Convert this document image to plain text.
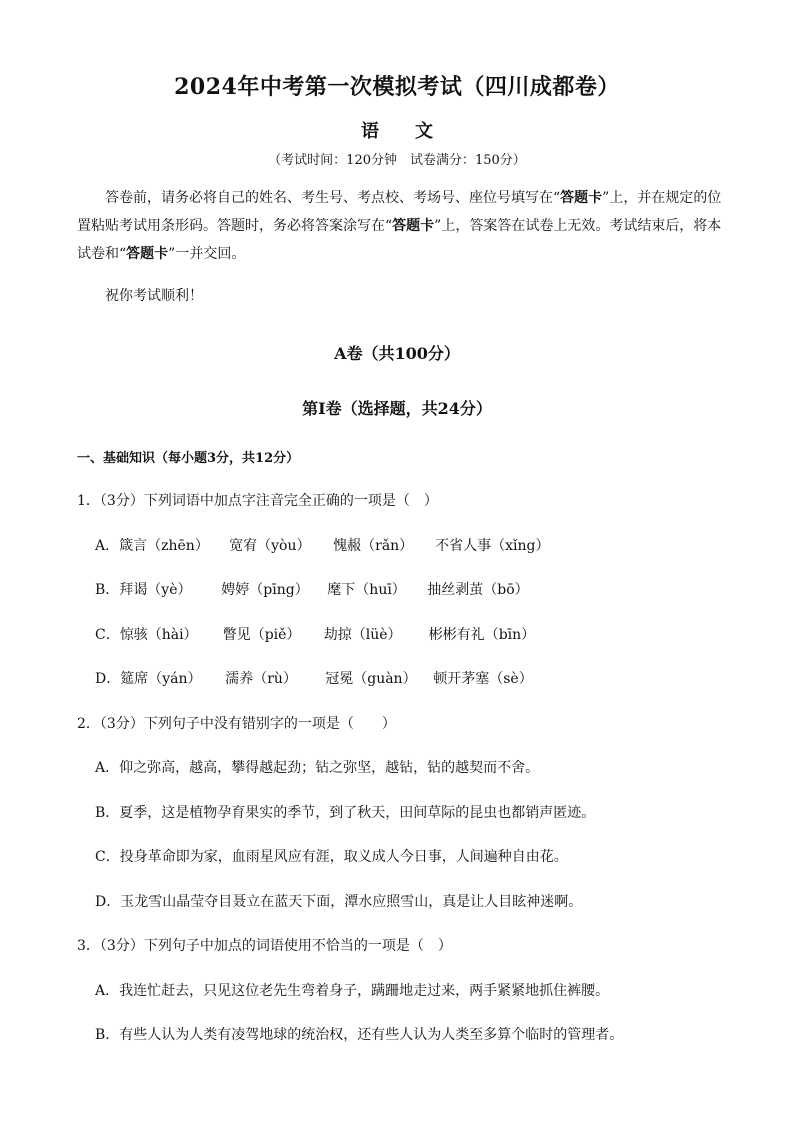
2024年中考第一次模拟考试（四川成都卷）
语　　文
（考试时间：120分钟　试卷满分：150分）
答卷前，请务必将自己的姓名、考生号、考点校、考场号、座位号填写在“答题卡”上，并在规定的位置粘贴考试用条形码。答题时，务必将答案涂写在“答题卡”上，答案答在试卷上无效。考试结束后，将本试卷和“答题卡”一并交回。
祝你考试顺利！
A卷（共100分）
第Ⅰ卷（选择题，共24分）
一、基础知识（每小题3分，共12分）
1．（3分）下列词语中加点字注音完全正确的一项是（　）
A．箴言（zhēn） 宽宥（yòu） 愧赧（rǎn） 不省人事（xǐng）
B．拜谒（yè） 娉婷（pīng） 麾下（huī） 抽丝剥茧（bō）
C．惊骇（hài） 瞥见（piě） 劫掠（lüè） 彬彬有礼（bīn）
D．筵席（yán） 濡养（rù） 冠冕（guàn） 顿开茅塞（sè）
2．（3分）下列句子中没有错别字的一项是（　　）
A．仰之弥高，越高，攀得越起劲；钻之弥坚，越钻，钻的越契而不舍。
B．夏季，这是植物孕育果实的季节，到了秋天，田间草际的昆虫也都销声匿迹。
C．投身革命即为家，血雨星风应有涯，取义成人今日事，人间遍种自由花。
D．玉龙雪山晶莹夺目聂立在蓝天下面，潭水应照雪山，真是让人目眩神迷啊。
3．（3分）下列句子中加点的词语使用不恰当的一项是（　）
A．我连忙赶去，只见这位老先生弯着身子，蹒跚地走过来，两手紧紧地抓住裤腰。
B．有些人认为人类有凌驾地球的统治权，还有些人认为人类至多算个临时的管理者。
